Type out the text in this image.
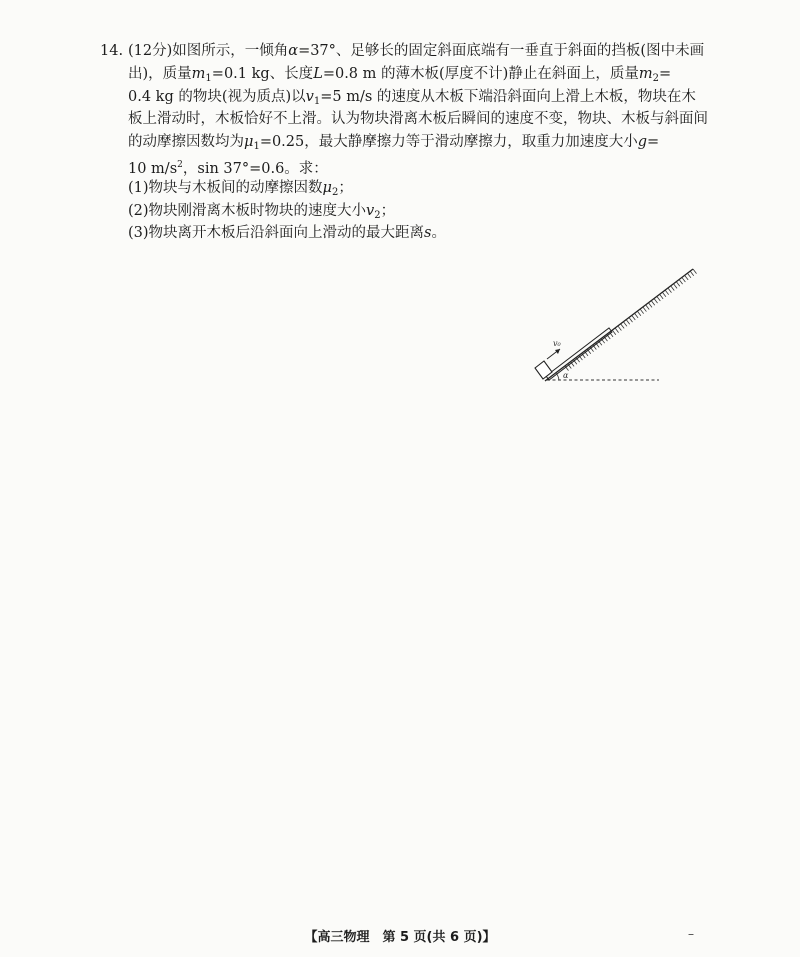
14. (12分)如图所示，一倾角α=37°、足够长的固定斜面底端有一垂直于斜面的挡板(图中未画
出)，质量$m_1=0.1$ kg、长度L=0.8 m 的薄木板(厚度不计)静止在斜面上，质量$m_2=$
0.4 kg 的物块(视为质点)以$v_1=5$ m/s 的速度从木板下端沿斜面向上滑上木板，物块在木
板上滑动时，木板恰好不上滑。认为物块滑离木板后瞬间的速度不变，物块、木板与斜面间
的动摩擦因数均为$\mu_1=0.25$，最大静摩擦力等于滑动摩擦力，取重力加速度大小g=
10 $m/s^2$，sin 37°=0.6。求：
(1)物块与木板间的动摩擦因数$\mu_2$；
(2)物块刚滑离木板时物块的速度大小$v_2$；
(3)物块离开木板后沿斜面向上滑动的最大距离s。
v₀
α
【高三物理　第 5 页(共 6 页)】	–
